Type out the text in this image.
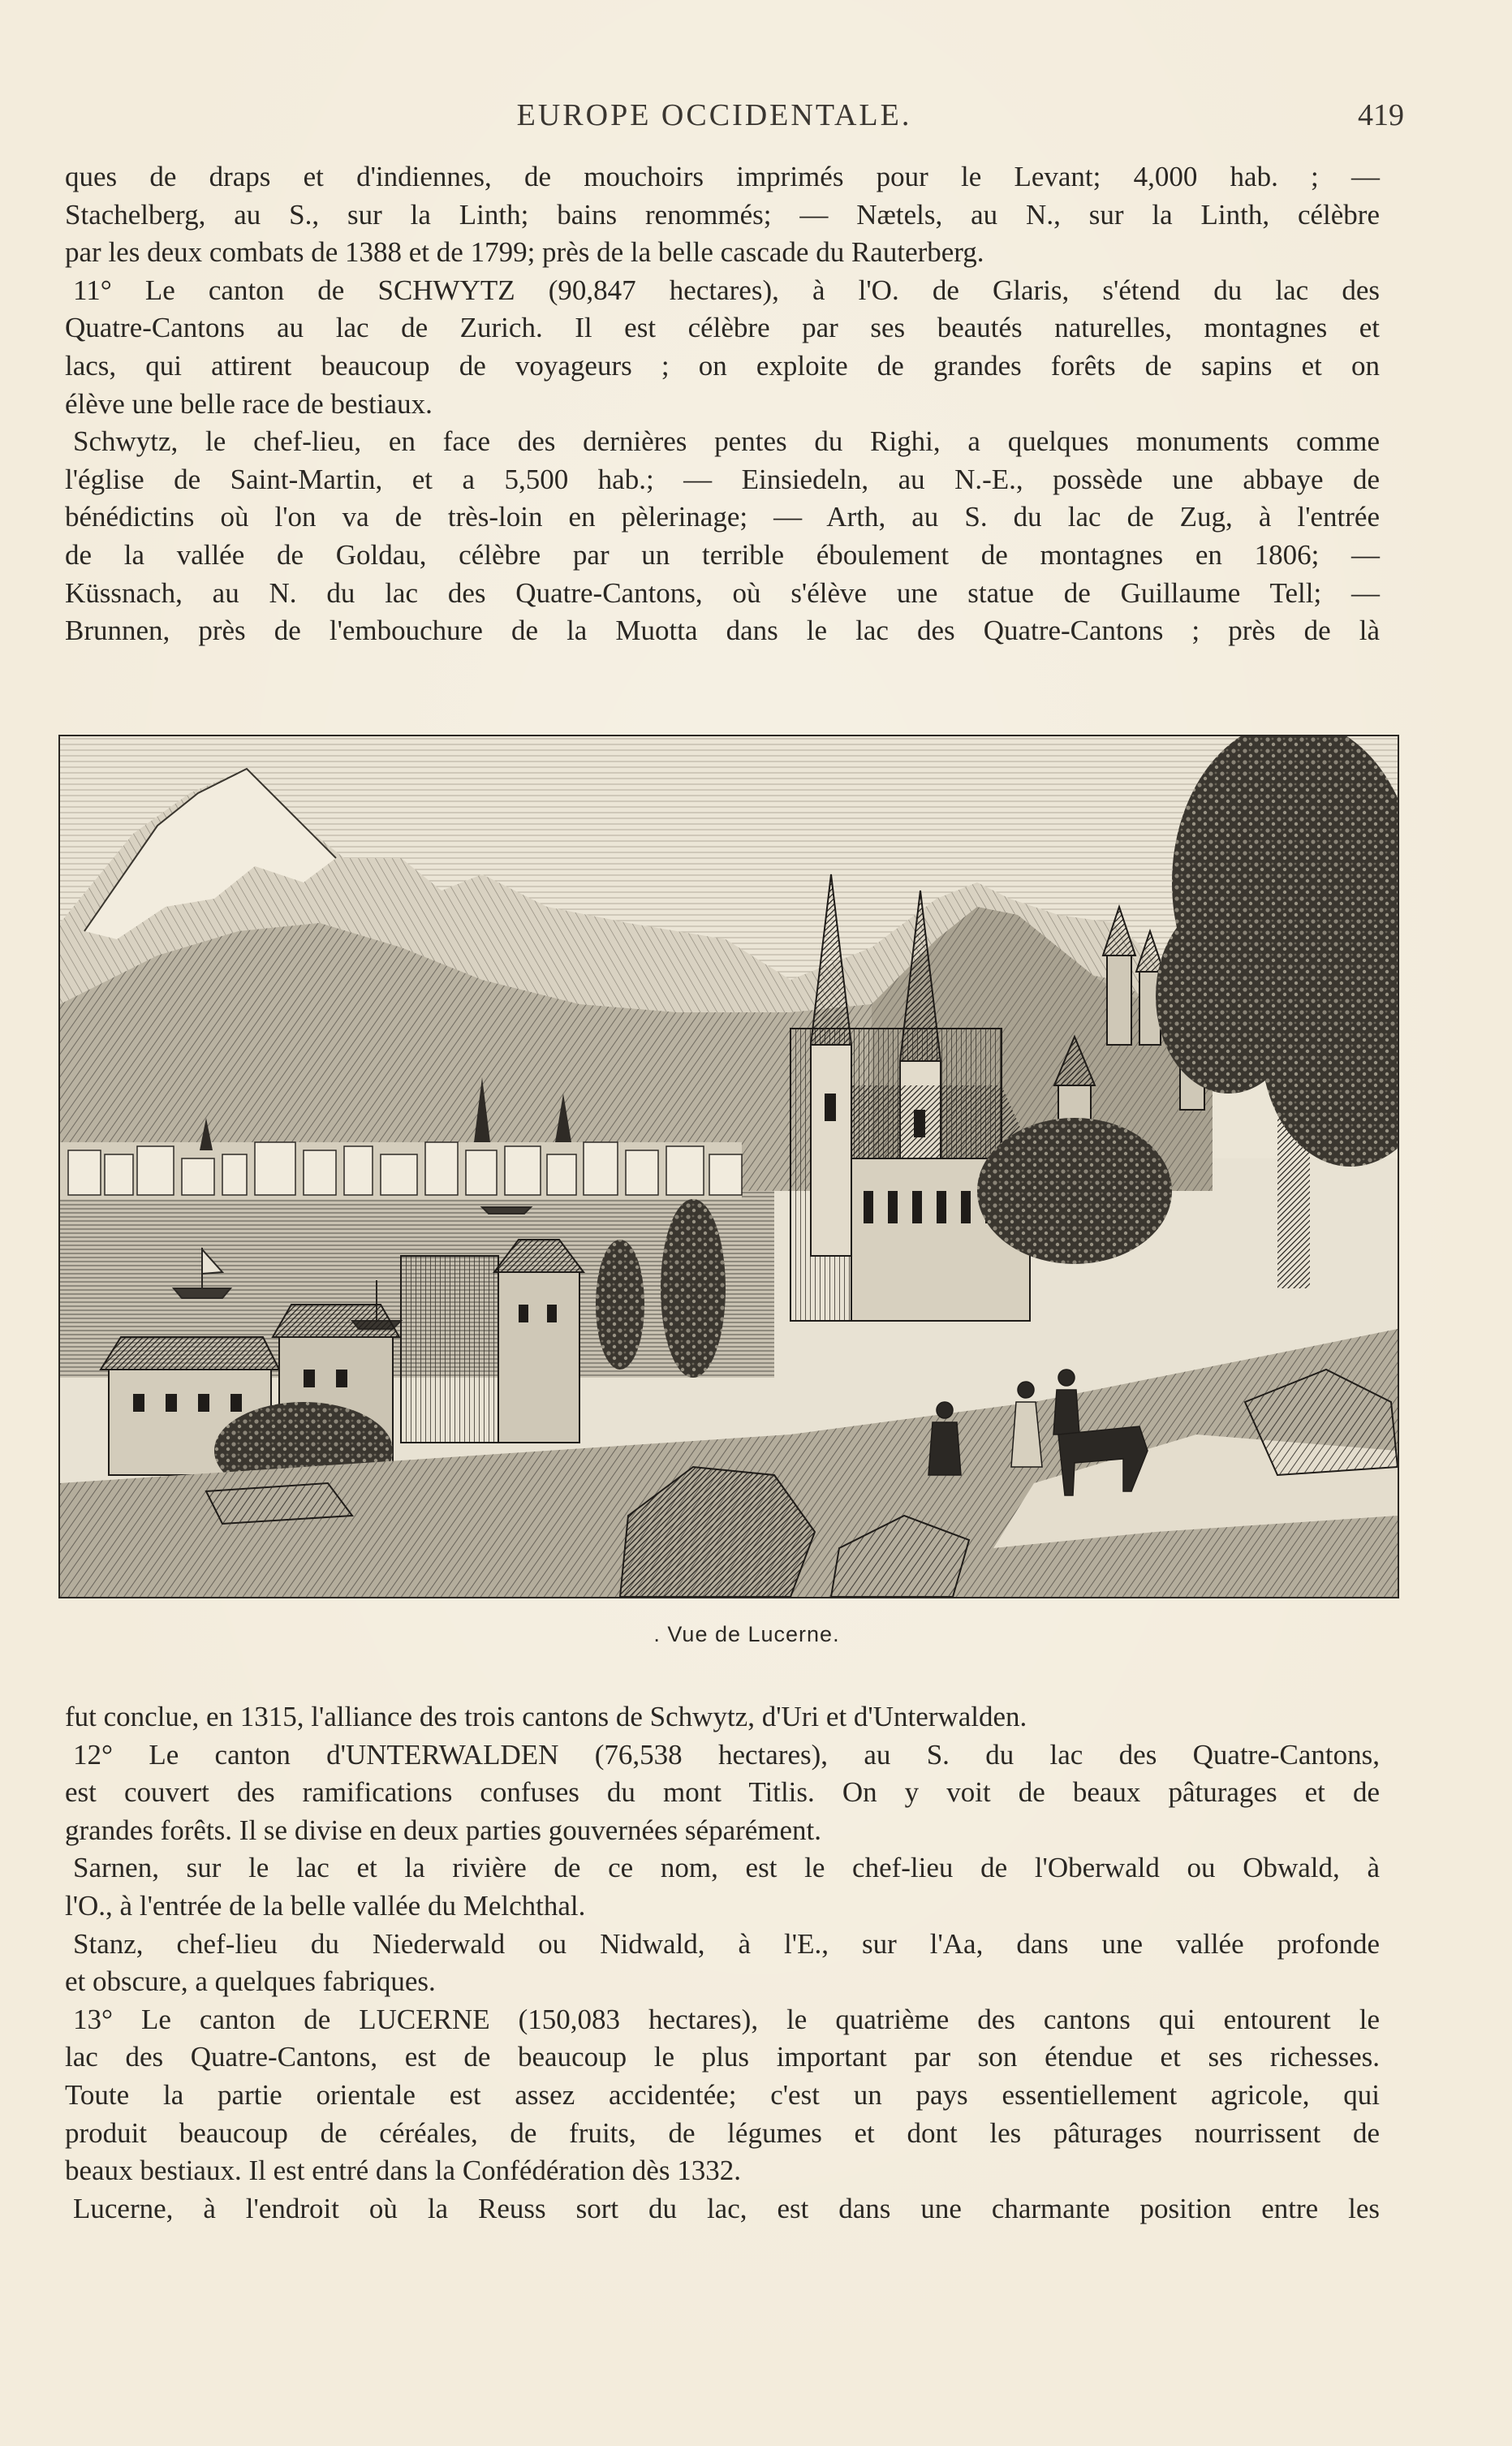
EUROPE OCCIDENTALE.	419

ques de draps et d'indiennes, de mouchoirs imprimés pour le Levant; 4,000 hab. ; —

Stachelberg, au S., sur la Linth; bains renommés; — Nætels, au N., sur la Linth, célèbre

par les deux combats de 1388 et de 1799; près de la belle cascade du Rauterberg.

11° Le canton de SCHWYTZ (90,847 hectares), à l'O. de Glaris, s'étend du lac des

Quatre-Cantons au lac de Zurich. Il est célèbre par ses beautés naturelles, montagnes et

lacs, qui attirent beaucoup de voyageurs ; on exploite de grandes forêts de sapins et on

élève une belle race de bestiaux.

Schwytz, le chef-lieu, en face des dernières pentes du Righi, a quelques monuments comme

l'église de Saint-Martin, et a 5,500 hab.; — Einsiedeln, au N.-E., possède une abbaye de

bénédictins où l'on va de très-loin en pèlerinage; — Arth, au S. du lac de Zug, à l'entrée

de la vallée de Goldau, célèbre par un terrible éboulement de montagnes en 1806; —

Küssnach, au N. du lac des Quatre-Cantons, où s'élève une statue de Guillaume Tell; —

Brunnen, près de l'embouchure de la Muotta dans le lac des Quatre-Cantons ; près de là

. Vue de Lucerne.

fut conclue, en 1315, l'alliance des trois cantons de Schwytz, d'Uri et d'Unterwalden.

12° Le canton d'UNTERWALDEN (76,538 hectares), au S. du lac des Quatre-Cantons,

est couvert des ramifications confuses du mont Titlis. On y voit de beaux pâturages et de

grandes forêts. Il se divise en deux parties gouvernées séparément.

Sarnen, sur le lac et la rivière de ce nom, est le chef-lieu de l'Oberwald ou Obwald, à

l'O., à l'entrée de la belle vallée du Melchthal.

Stanz, chef-lieu du Niederwald ou Nidwald, à l'E., sur l'Aa, dans une vallée profonde

et obscure, a quelques fabriques.

13° Le canton de LUCERNE (150,083 hectares), le quatrième des cantons qui entourent le

lac des Quatre-Cantons, est de beaucoup le plus important par son étendue et ses richesses.

Toute la partie orientale est assez accidentée; c'est un pays essentiellement agricole, qui

produit beaucoup de céréales, de fruits, de légumes et dont les pâturages nourrissent de

beaux bestiaux. Il est entré dans la Confédération dès 1332.

Lucerne, à l'endroit où la Reuss sort du lac, est dans une charmante position entre les
